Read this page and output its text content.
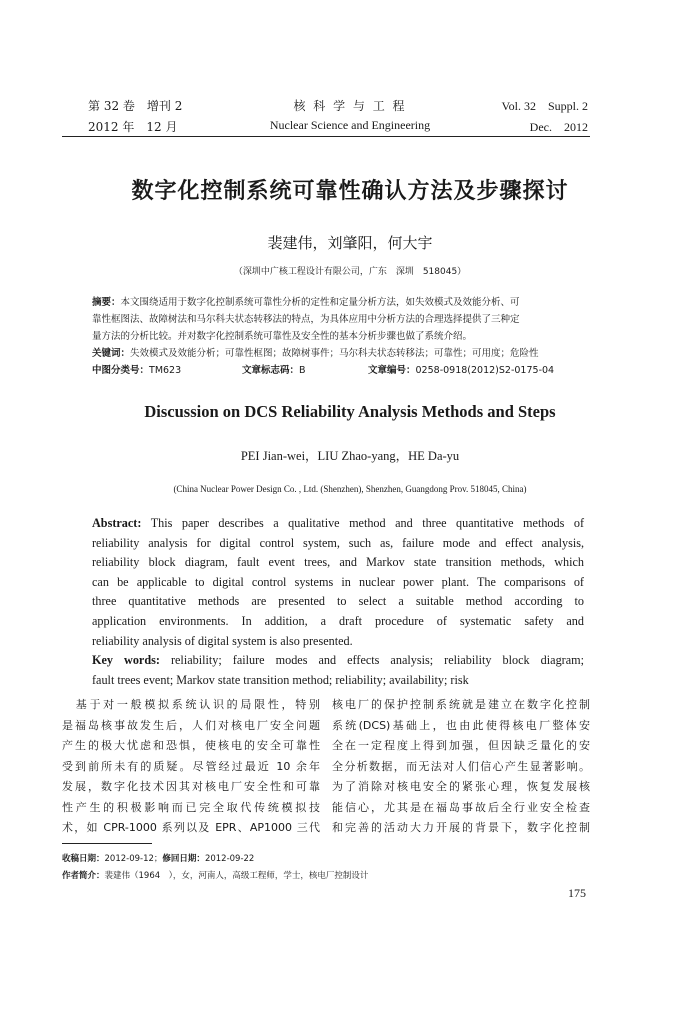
第 32 卷　增刊 2
2012 年　12 月
核 科 学 与 工 程
Nuclear Science and Engineering
Vol. 32　Suppl. 2
Dec.　2012
数字化控制系统可靠性确认方法及步骤探讨
裴建伟，刘肇阳，何大宇
（深圳中广核工程设计有限公司，广东　深圳　518045）
摘要：本文围绕适用于数字化控制系统可靠性分析的定性和定量分析方法，如失效模式及效能分析、可
靠性框图法、故障树法和马尔科夫状态转移法的特点，为具体应用中分析方法的合理选择提供了三种定
量方法的分析比较。并对数字化控制系统可靠性及安全性的基本分析步骤也做了系统介绍。
关键词：失效模式及效能分析；可靠性框图；故障树事件；马尔科夫状态转移法；可靠性；可用度；危险性
中图分类号：TM623	文章标志码：B	文章编号：0258-0918(2012)S2-0175-04
Discussion on DCS Reliability Analysis Methods and Steps
PEI Jian-wei，LIU Zhao-yang，HE Da-yu
(China Nuclear Power Design Co. , Ltd. (Shenzhen), Shenzhen, Guangdong Prov. 518045, China)
Abstract: This paper describes a qualitative method and three quantitative methods of
reliability analysis for digital control system, such as, failure mode and effect analysis,
reliability block diagram, fault event trees, and Markov state transition methods, which
can be applicable to digital control systems in nuclear power plant. The comparisons of
three quantitative methods are presented to select a suitable method according to
application environments. In addition, a draft procedure of systematic safety and
reliability analysis of digital system is also presented.
Key words: reliability; failure modes and effects analysis; reliability block diagram;
fault trees event; Markov state transition method; reliability; availability; risk
　基于对一般模拟系统认识的局限性，特别
是福岛核事故发生后，人们对核电厂安全问题
产生的极大忧虑和恐惧，使核电的安全可靠性
受到前所未有的质疑。尽管经过最近 10 余年
发展，数字化技术因其对核电厂安全性和可靠
性产生的积极影响而已完全取代传统模拟技
术，如 CPR-1000 系列以及 EPR、AP1000 三代
核电厂的保护控制系统就是建立在数字化控制
系统(DCS)基础上，也由此使得核电厂整体安
全在一定程度上得到加强，但因缺乏量化的安
全分析数据，而无法对人们信心产生显著影响。
为了消除对核电安全的紧张心理，恢复发展核
能信心，尤其是在福岛事故后全行业安全检查
和完善的活动大力开展的背景下，数字化控制
收稿日期：2012-09-12；修回日期：2012-09-22
作者简介：裴建伟（1964　），女，河南人，高级工程师，学士，核电厂控制设计
175
